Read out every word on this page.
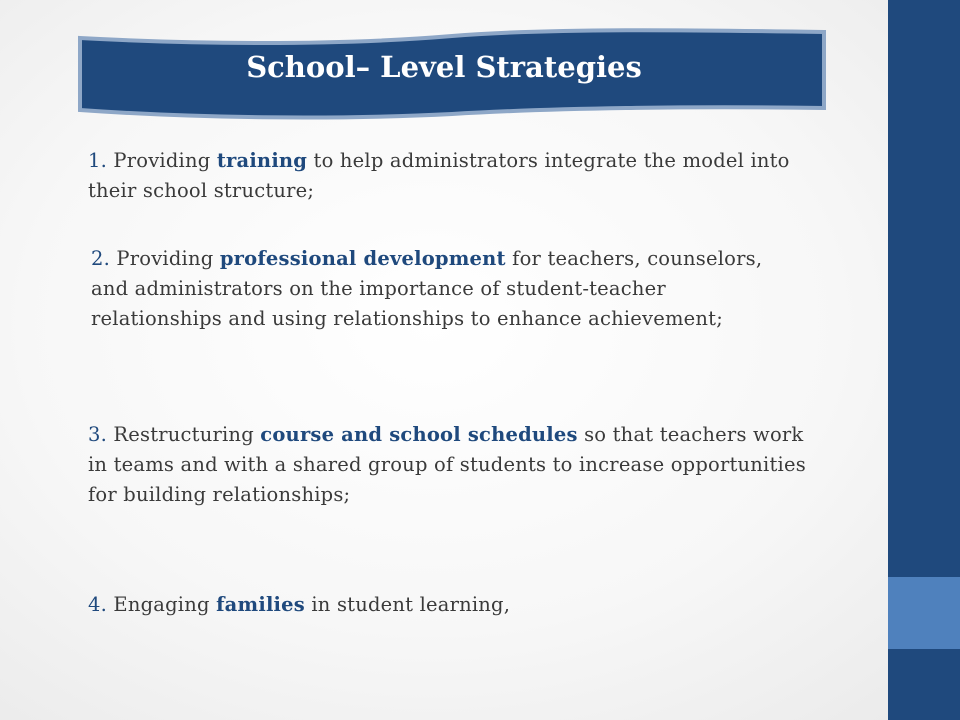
School– Level Strategies
1. Providing training to help administrators integrate the model into their school structure;
2. Providing professional development for teachers, counselors, and administrators on the importance of student-teacher relationships and using relationships to enhance achievement;
3. Restructuring course and school schedules so that teachers work in teams and with a shared group of students to increase opportunities for building relationships;
4. Engaging families in student learning,
